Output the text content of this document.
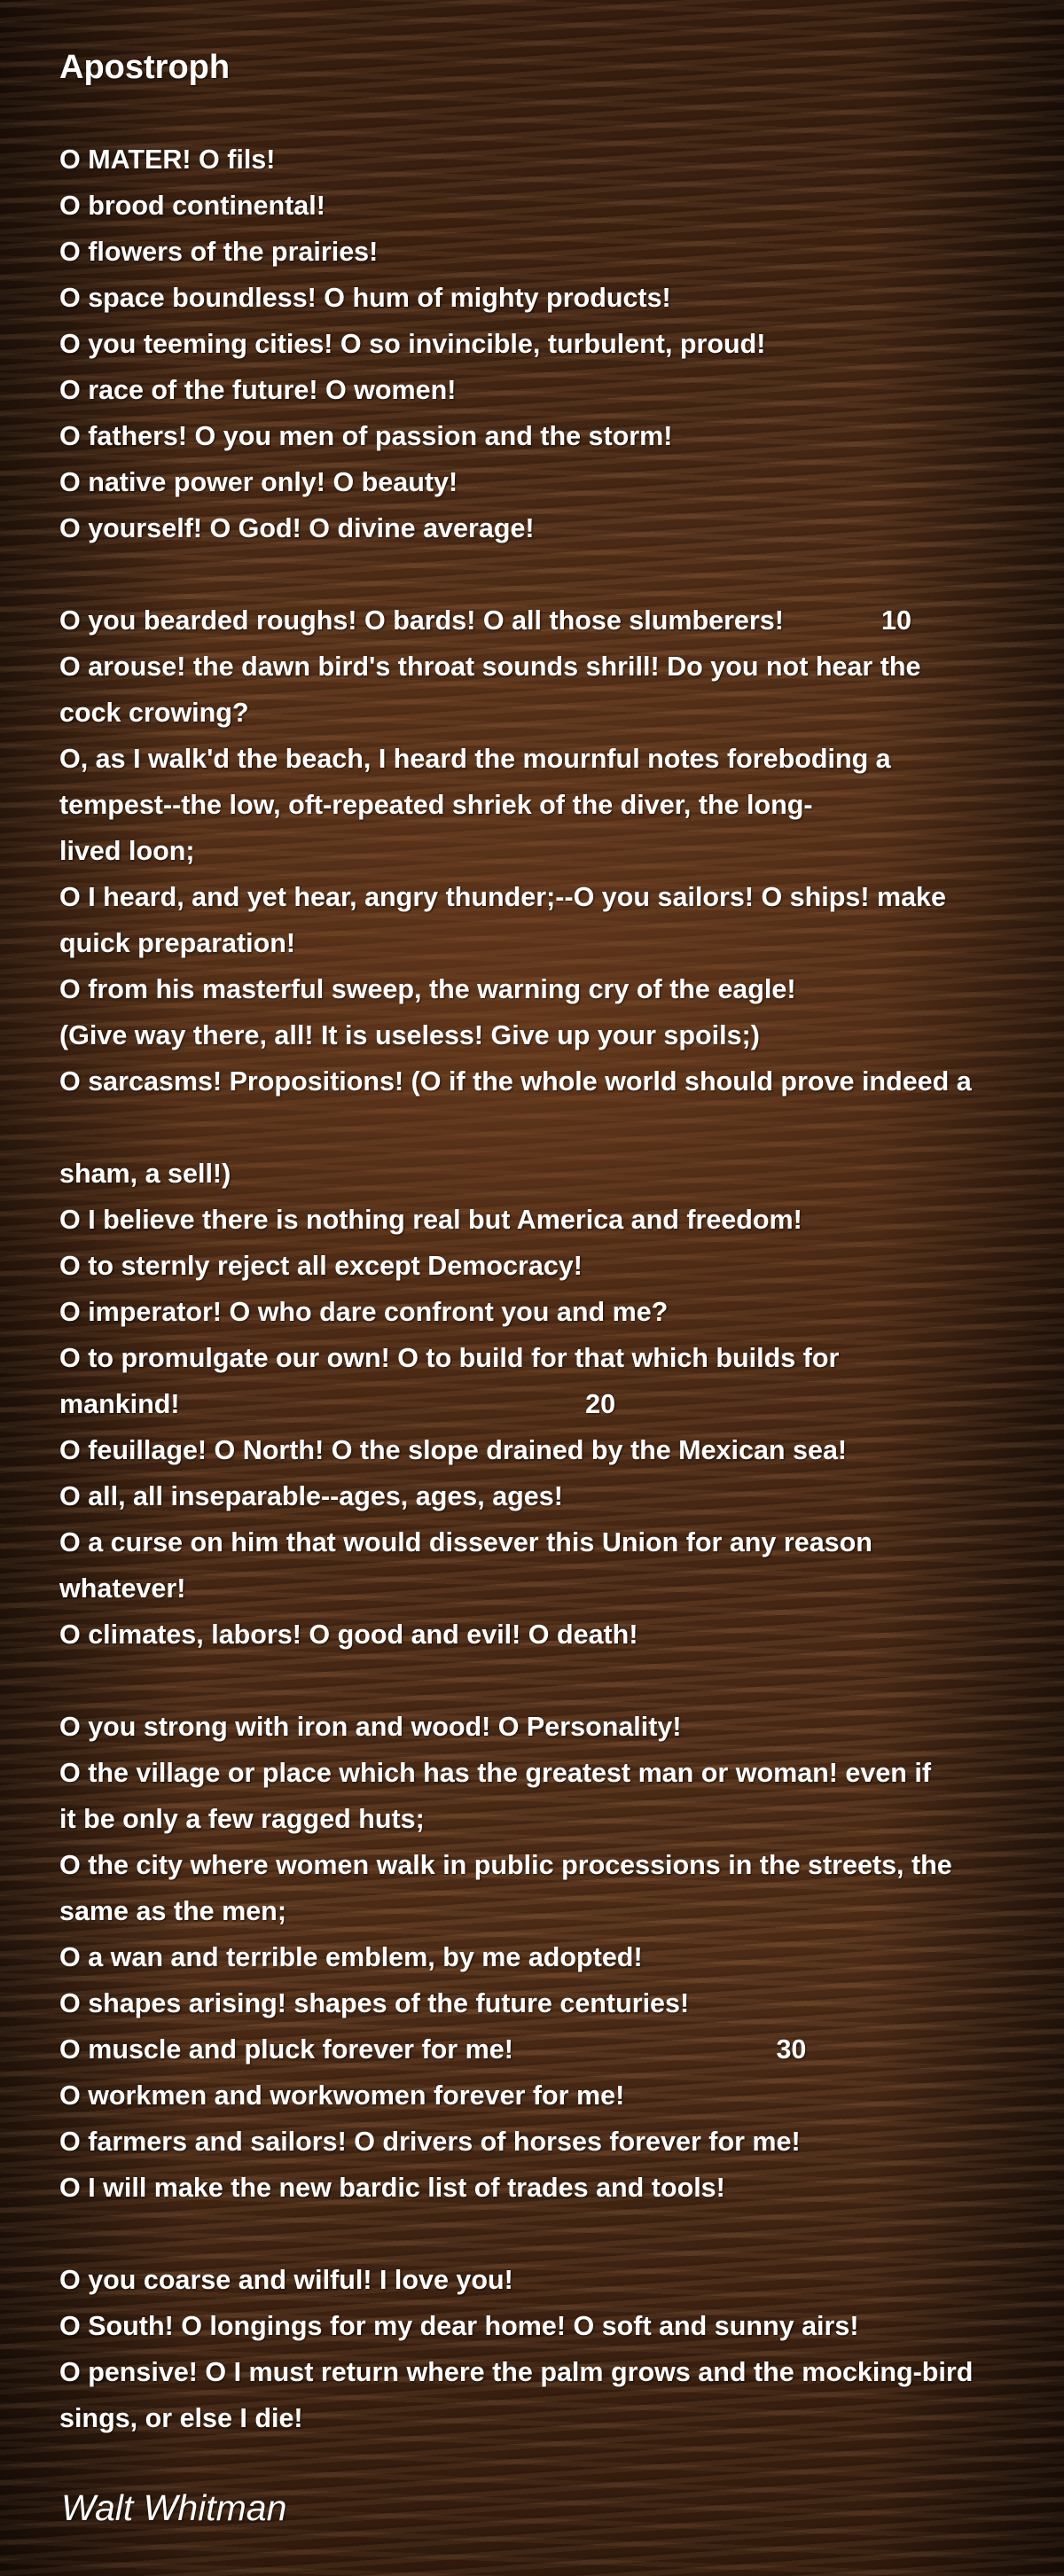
Apostroph
O MATER! O fils!
O brood continental!
O flowers of the prairies!
O space boundless! O hum of mighty products!
O you teeming cities! O so invincible, turbulent, proud!
O race of the future! O women!
O fathers! O you men of passion and the storm!
O native power only! O beauty!
O yourself! O God! O divine average!
O you bearded roughs! O bards! O all those slumberers!             10
O arouse! the dawn bird's throat sounds shrill! Do you not hear the
cock crowing?
O, as I walk'd the beach, I heard the mournful notes foreboding a
tempest--the low, oft-repeated shriek of the diver, the long-
lived loon;
O I heard, and yet hear, angry thunder;--O you sailors! O ships! make
quick preparation!
O from his masterful sweep, the warning cry of the eagle!
(Give way there, all! It is useless! Give up your spoils;)
O sarcasms! Propositions! (O if the whole world should prove indeed a
sham, a sell!)
O I believe there is nothing real but America and freedom!
O to sternly reject all except Democracy!
O imperator! O who dare confront you and me?
O to promulgate our own! O to build for that which builds for
mankind!                                                      20
O feuillage! O North! O the slope drained by the Mexican sea!
O all, all inseparable--ages, ages, ages!
O a curse on him that would dissever this Union for any reason
whatever!
O climates, labors! O good and evil! O death!
O you strong with iron and wood! O Personality!
O the village or place which has the greatest man or woman! even if
it be only a few ragged huts;
O the city where women walk in public processions in the streets, the
same as the men;
O a wan and terrible emblem, by me adopted!
O shapes arising! shapes of the future centuries!
O muscle and pluck forever for me!                                   30
O workmen and workwomen forever for me!
O farmers and sailors! O drivers of horses forever for me!
O I will make the new bardic list of trades and tools!
O you coarse and wilful! I love you!
O South! O longings for my dear home! O soft and sunny airs!
O pensive! O I must return where the palm grows and the mocking-bird
sings, or else I die!
Walt Whitman
